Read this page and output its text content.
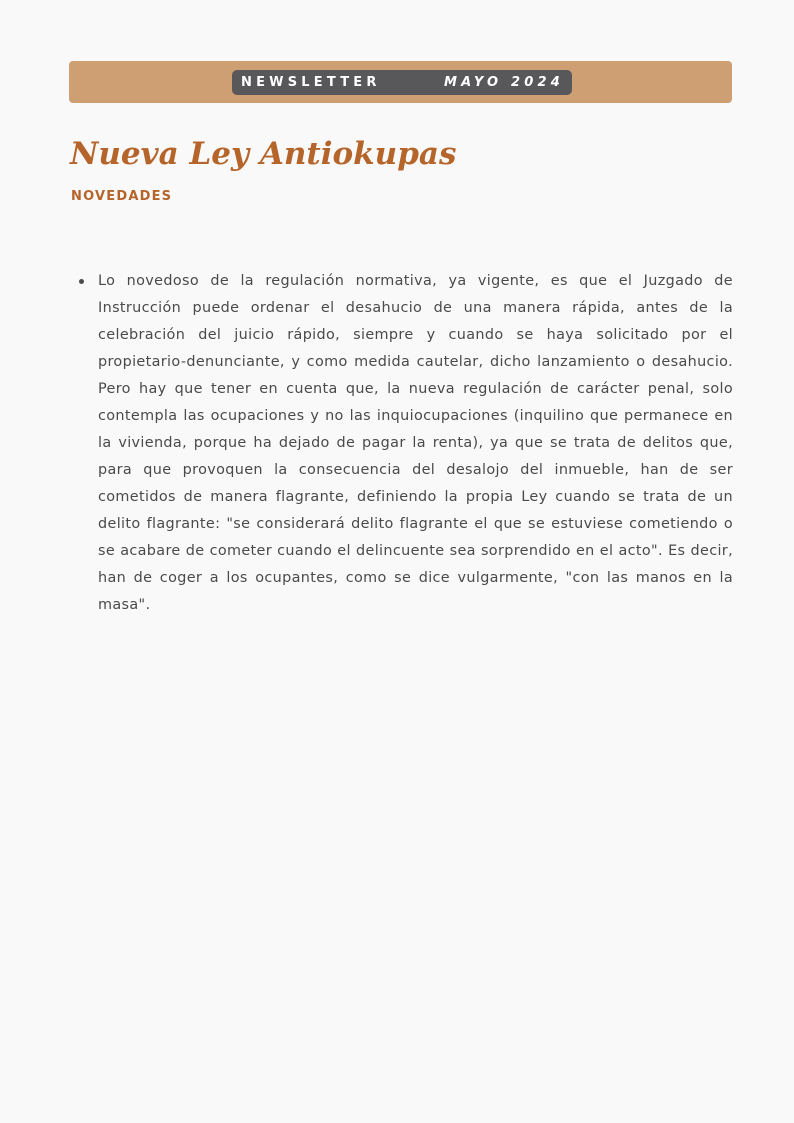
NEWSLETTER	MAYO 2024
Nueva Ley Antiokupas
NOVEDADES
Lo novedoso de la regulación normativa, ya vigente, es que el Juzgado de Instrucción puede ordenar el desahucio de una manera rápida, antes de la celebración del juicio rápido, siempre y cuando se haya solicitado por el propietario-denunciante, y como medida cautelar, dicho lanzamiento o desahucio. Pero hay que tener en cuenta que, la nueva regulación de carácter penal, solo contempla las ocupaciones y no las inquiocupaciones (inquilino que permanece en la vivienda, porque ha dejado de pagar la renta), ya que se trata de delitos que, para que provoquen la consecuencia del desalojo del inmueble, han de ser cometidos de manera flagrante, definiendo la propia Ley cuando se trata de un delito flagrante: "se considerará delito flagrante el que se estuviese cometiendo o se acabare de cometer cuando el delincuente sea sorprendido en el acto". Es decir, han de coger a los ocupantes, como se dice vulgarmente, "con las manos en la masa".
